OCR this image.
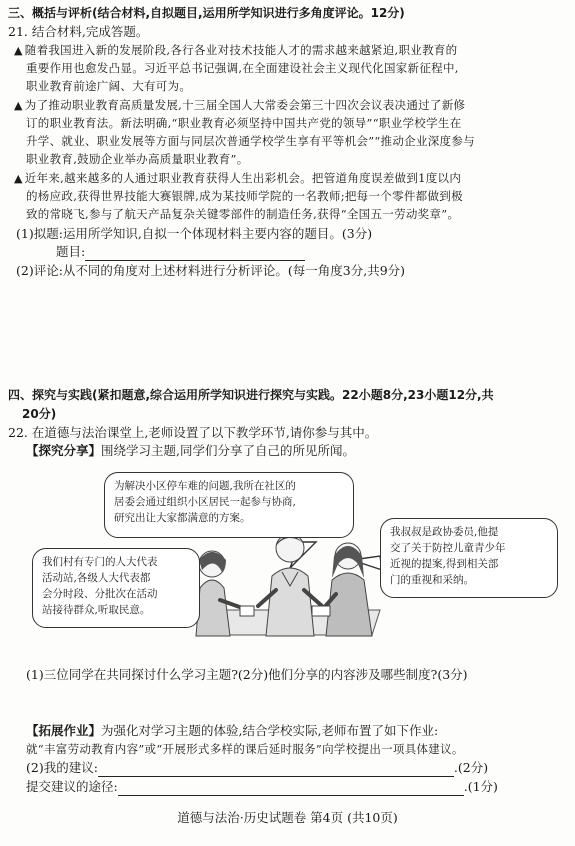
三、概括与评析(结合材料,自拟题目,运用所学知识进行多角度评论。12分)
21. 结合材料,完成答题。
▲ 随着我国进入新的发展阶段,各行各业对技术技能人才的需求越来越紧迫,职业教育的
重要作用也愈发凸显。习近平总书记强调,在全面建设社会主义现代化国家新征程中,
职业教育前途广阔、大有可为。
▲ 为了推动职业教育高质量发展,十三届全国人大常委会第三十四次会议表决通过了新修
订的职业教育法。新法明确,“职业教育必须坚持中国共产党的领导”“职业学校学生在
升学、就业、职业发展等方面与同层次普通学校学生享有平等机会”“推动企业深度参与
职业教育,鼓励企业举办高质量职业教育”。
▲ 近年来,越来越多的人通过职业教育获得人生出彩机会。把管道角度误差做到1度以内
的杨应政,获得世界技能大赛银牌,成为某技师学院的一名教师;把每一个零件都做到极
致的常晓飞,参与了航天产品复杂关键零部件的制造任务,获得“全国五一劳动奖章”。
(1)拟题:运用所学知识,自拟一个体现材料主要内容的题目。(3分)
题目:
(2)评论:从不同的角度对上述材料进行分析评论。(每一角度3分,共9分)
四、探究与实践(紧扣题意,综合运用所学知识进行探究与实践。22小题8分,23小题12分,共
20分)
22. 在道德与法治课堂上,老师设置了以下教学环节,请你参与其中。
【探究分享】围绕学习主题,同学们分享了自己的所见所闻。
为解决小区停车难的问题,我所在社区的
居委会通过组织小区居民一起参与协商,
研究出让大家都满意的方案。
我们村有专门的人大代表
活动站,各级人大代表都
会分时段、分批次在活动
站接待群众,听取民意。
我叔叔是政协委员,他提
交了关于防控儿童青少年
近视的提案,得到相关部
门的重视和采纳。
(1)三位同学在共同探讨什么学习主题?(2分)他们分享的内容涉及哪些制度?(3分)
【拓展作业】为强化对学习主题的体验,结合学校实际,老师布置了如下作业:
就“丰富劳动教育内容”或“开展形式多样的课后延时服务”向学校提出一项具体建议。
(2)我的建议:	.(2分)
提交建议的途径:	.(1分)
道德与法治·历史试题卷 第4页 (共10页)
